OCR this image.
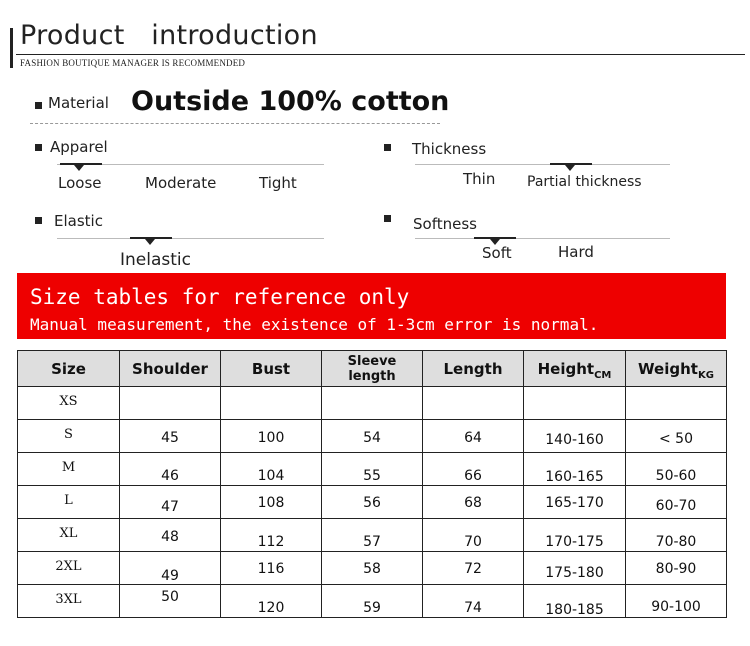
Product   introduction
FASHION BOUTIQUE MANAGER IS RECOMMENDED
Material Outside 100% cotton
Apparel
Loose	Moderate	Tight
Thickness
Thin Partial thickness
Elastic
Inelastic
Softness
Soft	Hard
Size tables for reference only
Manual measurement, the existence of 1-3cm error is normal.
Size	Shoulder	Bust	Sleeve length	Length	Height$_{CM}$	Weight$_{KG}$
XS	

S	45	100	54	64	140-160	< 50

M	46	104	55	66	160-165	50-60

L	47	108	56	68	165-170	60-70

XL	48	112	57	70	170-175	70-80

2XL	49	116	58	72	175-180	80-90

3XL	50	120	59	74	180-185	90-100
